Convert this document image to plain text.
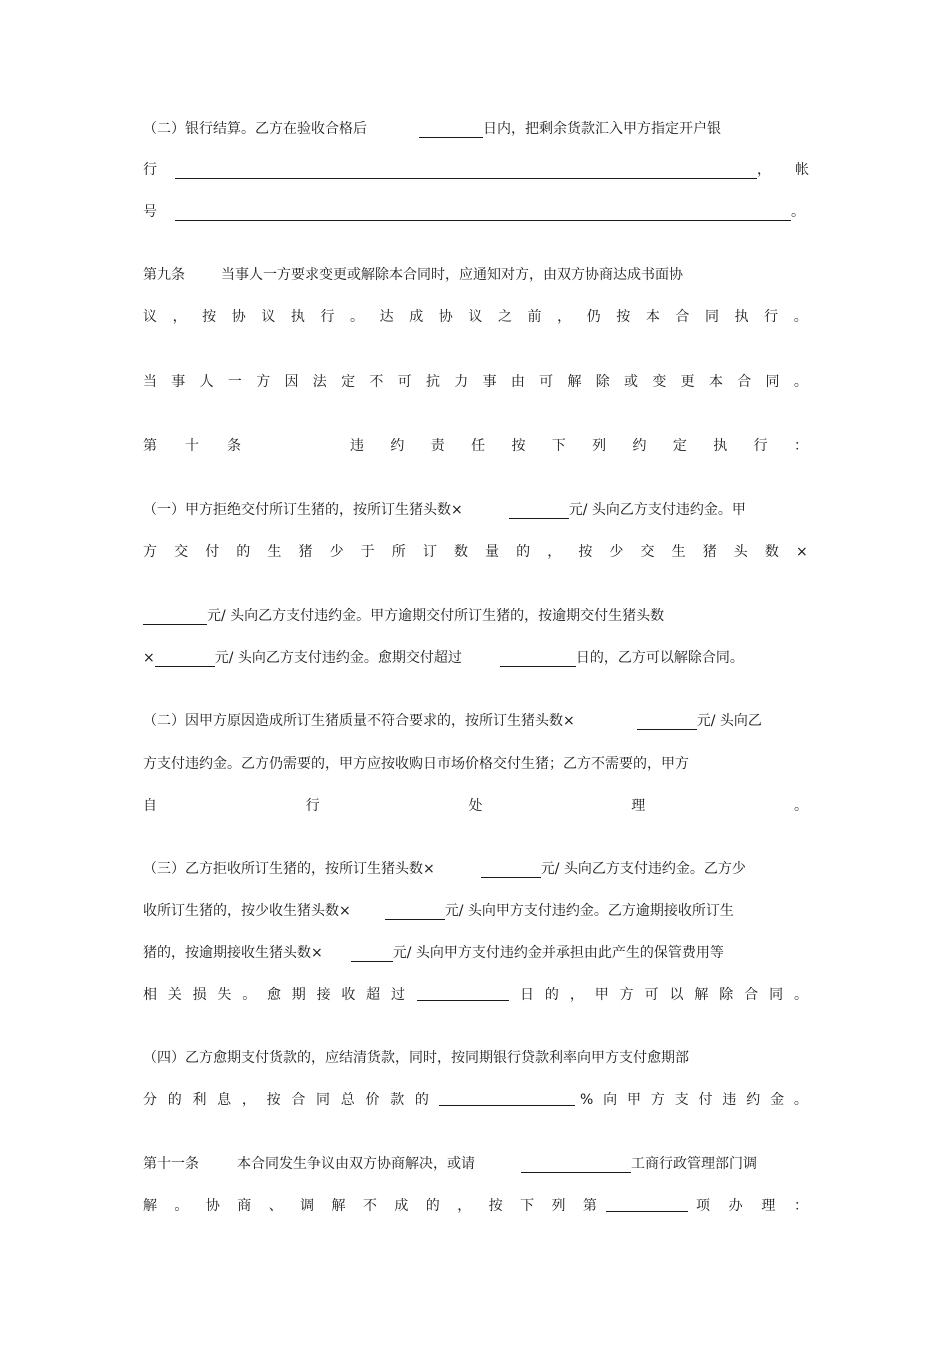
（二）银行结算。乙方在验收合格后	日内，把剩余货款汇入甲方指定开户银
行	， 帐
号	。
第九条	当事人一方要求变更或解除本合同时，应通知对方，由双方协商达成书面协
议 ， 按 协 议 执 行 。 达 成 协 议 之 前 ， 仍 按 本 合 同 执 行 。
当 事 人 一 方 因 法 定 不 可 抗 力 事 由 可 解 除 或 变 更 本 合 同 。
第 十 条	违 约 责 任 按 下 列 约 定 执 行 ：
（一）甲方拒绝交付所订生猪的，按所订生猪头数×	元/ 头向乙方支付违约金。甲
方 交 付 的 生 猪 少 于 所 订 数 量 的 ， 按 少 交 生 猪 头 数 ×
元/ 头向乙方支付违约金。甲方逾期交付所订生猪的，按逾期交付生猪头数
×	元/ 头向乙方支付违约金。愈期交付超过	日的，乙方可以解除合同。
（二）因甲方原因造成所订生猪质量不符合要求的，按所订生猪头数×	元/ 头向乙
方支付违约金。乙方仍需要的，甲方应按收购日市场价格交付生猪；乙方不需要的，甲方
自	行	处	理	。
（三）乙方拒收所订生猪的，按所订生猪头数×	元/ 头向乙方支付违约金。乙方少
收所订生猪的，按少收生猪头数×	元/ 头向甲方支付违约金。乙方逾期接收所订生
猪的，按逾期接收生猪头数×	元/ 头向甲方支付违约金并承担由此产生的保管费用等
相 关 损 失 。 愈 期 接 收 超 过	日 的 ， 甲 方 可 以 解 除 合 同 。
（四）乙方愈期支付货款的，应结清货款，同时，按同期银行贷款利率向甲方支付愈期部
分 的 利 息 ， 按 合 同 总 价 款 的	% 向 甲 方 支 付 违 约 金 。
第十一条	本合同发生争议由双方协商解决，或请	工商行政管理部门调
解 。 协 商 、 调 解 不 成 的 ， 按 下 列 第	项 办 理 ：
